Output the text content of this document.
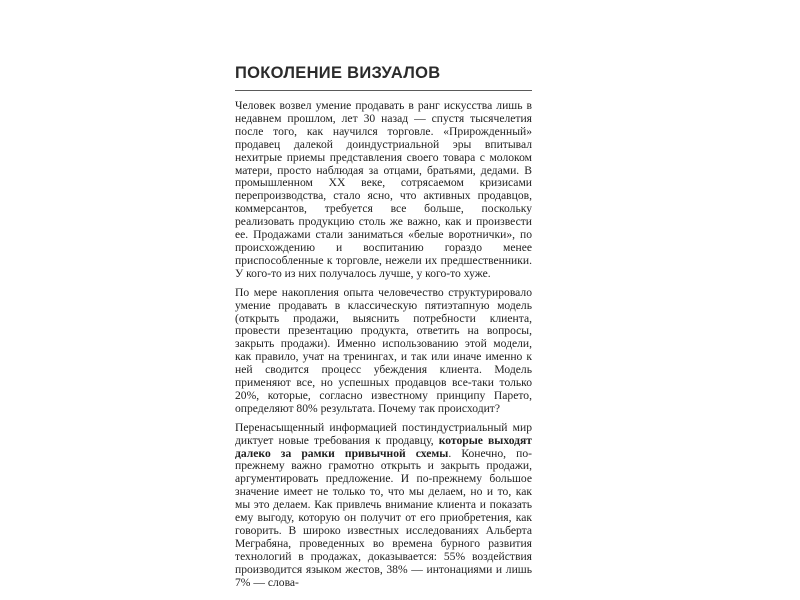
ПОКОЛЕНИЕ ВИЗУАЛОВ

Человек возвел умение продавать в ранг искусства лишь в недавнем прошлом, лет 30 назад — спустя тысячелетия после того, как научился торговле. «Прирожденный» продавец далекой доиндустриальной эры впитывал нехитрые приемы представления своего товара с молоком матери, просто наблюдая за отцами, братьями, дедами. В промышленном XX веке, сотрясаемом кризисами перепроизводства, стало ясно, что активных продавцов, коммерсантов, требуется все больше, поскольку реализовать продукцию столь же важно, как и произвести ее. Продажами стали заниматься «белые воротнички», по происхождению и воспитанию гораздо менее приспособленные к торговле, нежели их предшественники. У кого-то из них получалось лучше, у кого-то хуже.

По мере накопления опыта человечество структурировало умение продавать в классическую пятиэтапную модель (открыть продажи, выяснить потребности клиента, провести презентацию продукта, ответить на вопросы, закрыть продажи). Именно использованию этой модели, как правило, учат на тренингах, и так или иначе именно к ней сводится процесс убеждения клиента. Модель применяют все, но успешных продавцов все-таки только 20%, которые, согласно известному принципу Парето, определяют 80% результата. Почему так происходит?

Перенасыщенный информацией постиндустриальный мир диктует новые требования к продавцу, которые выходят далеко за рамки привычной схемы. Конечно, по-прежнему важно грамотно открыть и закрыть продажи, аргументировать предложение. И по-прежнему большое значение имеет не только то, что мы делаем, но и то, как мы это делаем. Как привлечь внимание клиента и показать ему выгоду, которую он получит от его приобретения, как говорить. В широко известных исследованиях Альберта Меграбяна, проведенных во времена бурного развития технологий в продажах, доказывается: 55% воздействия производится языком жестов, 38% — интонациями и лишь 7% — слова-
